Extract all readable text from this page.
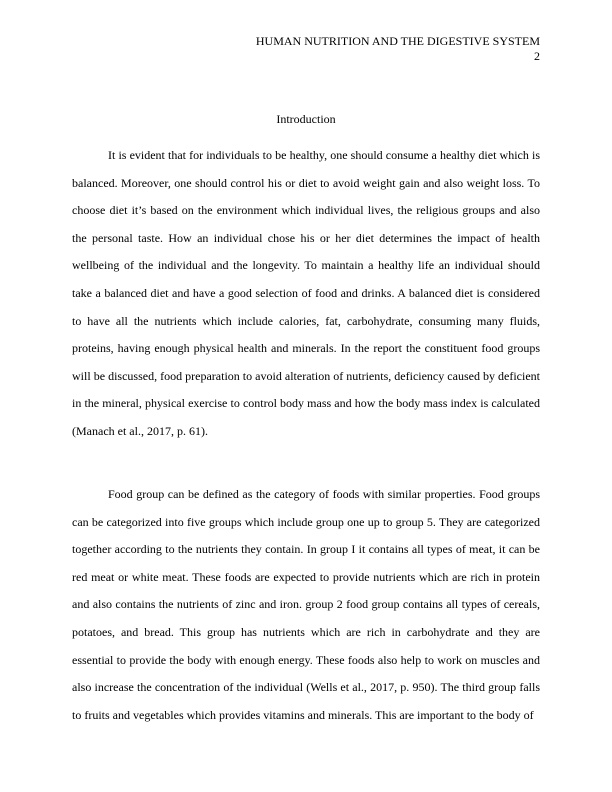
HUMAN NUTRITION AND THE DIGESTIVE SYSTEM
2
Introduction

It is evident that for individuals to be healthy, one should consume a healthy diet which is balanced. Moreover, one should control his or diet to avoid weight gain and also weight loss. To choose diet it’s based on the environment which individual lives, the religious groups and also the personal taste. How an individual chose his or her diet determines the impact of health wellbeing of the individual and the longevity. To maintain a healthy life an individual should take a balanced diet and have a good selection of food and drinks. A balanced diet is considered to have all the nutrients which include calories, fat, carbohydrate, consuming many fluids, proteins, having enough physical health and minerals. In the report the constituent food groups will be discussed, food preparation to avoid alteration of nutrients, deficiency caused by deficient in the mineral, physical exercise to control body mass and how the body mass index is calculated (Manach et al., 2017, p. 61).

Food group can be defined as the category of foods with similar properties. Food groups can be categorized into five groups which include group one up to group 5. They are categorized together according to the nutrients they contain. In group I it contains all types of meat, it can be red meat or white meat. These foods are expected to provide nutrients which are rich in protein and also contains the nutrients of zinc and iron. group 2 food group contains all types of cereals, potatoes, and bread. This group has nutrients which are rich in carbohydrate and they are essential to provide the body with enough energy. These foods also help to work on muscles and also increase the concentration of the individual (Wells et al., 2017, p. 950). The third group falls to fruits and vegetables which provides vitamins and minerals. This are important to the body of
